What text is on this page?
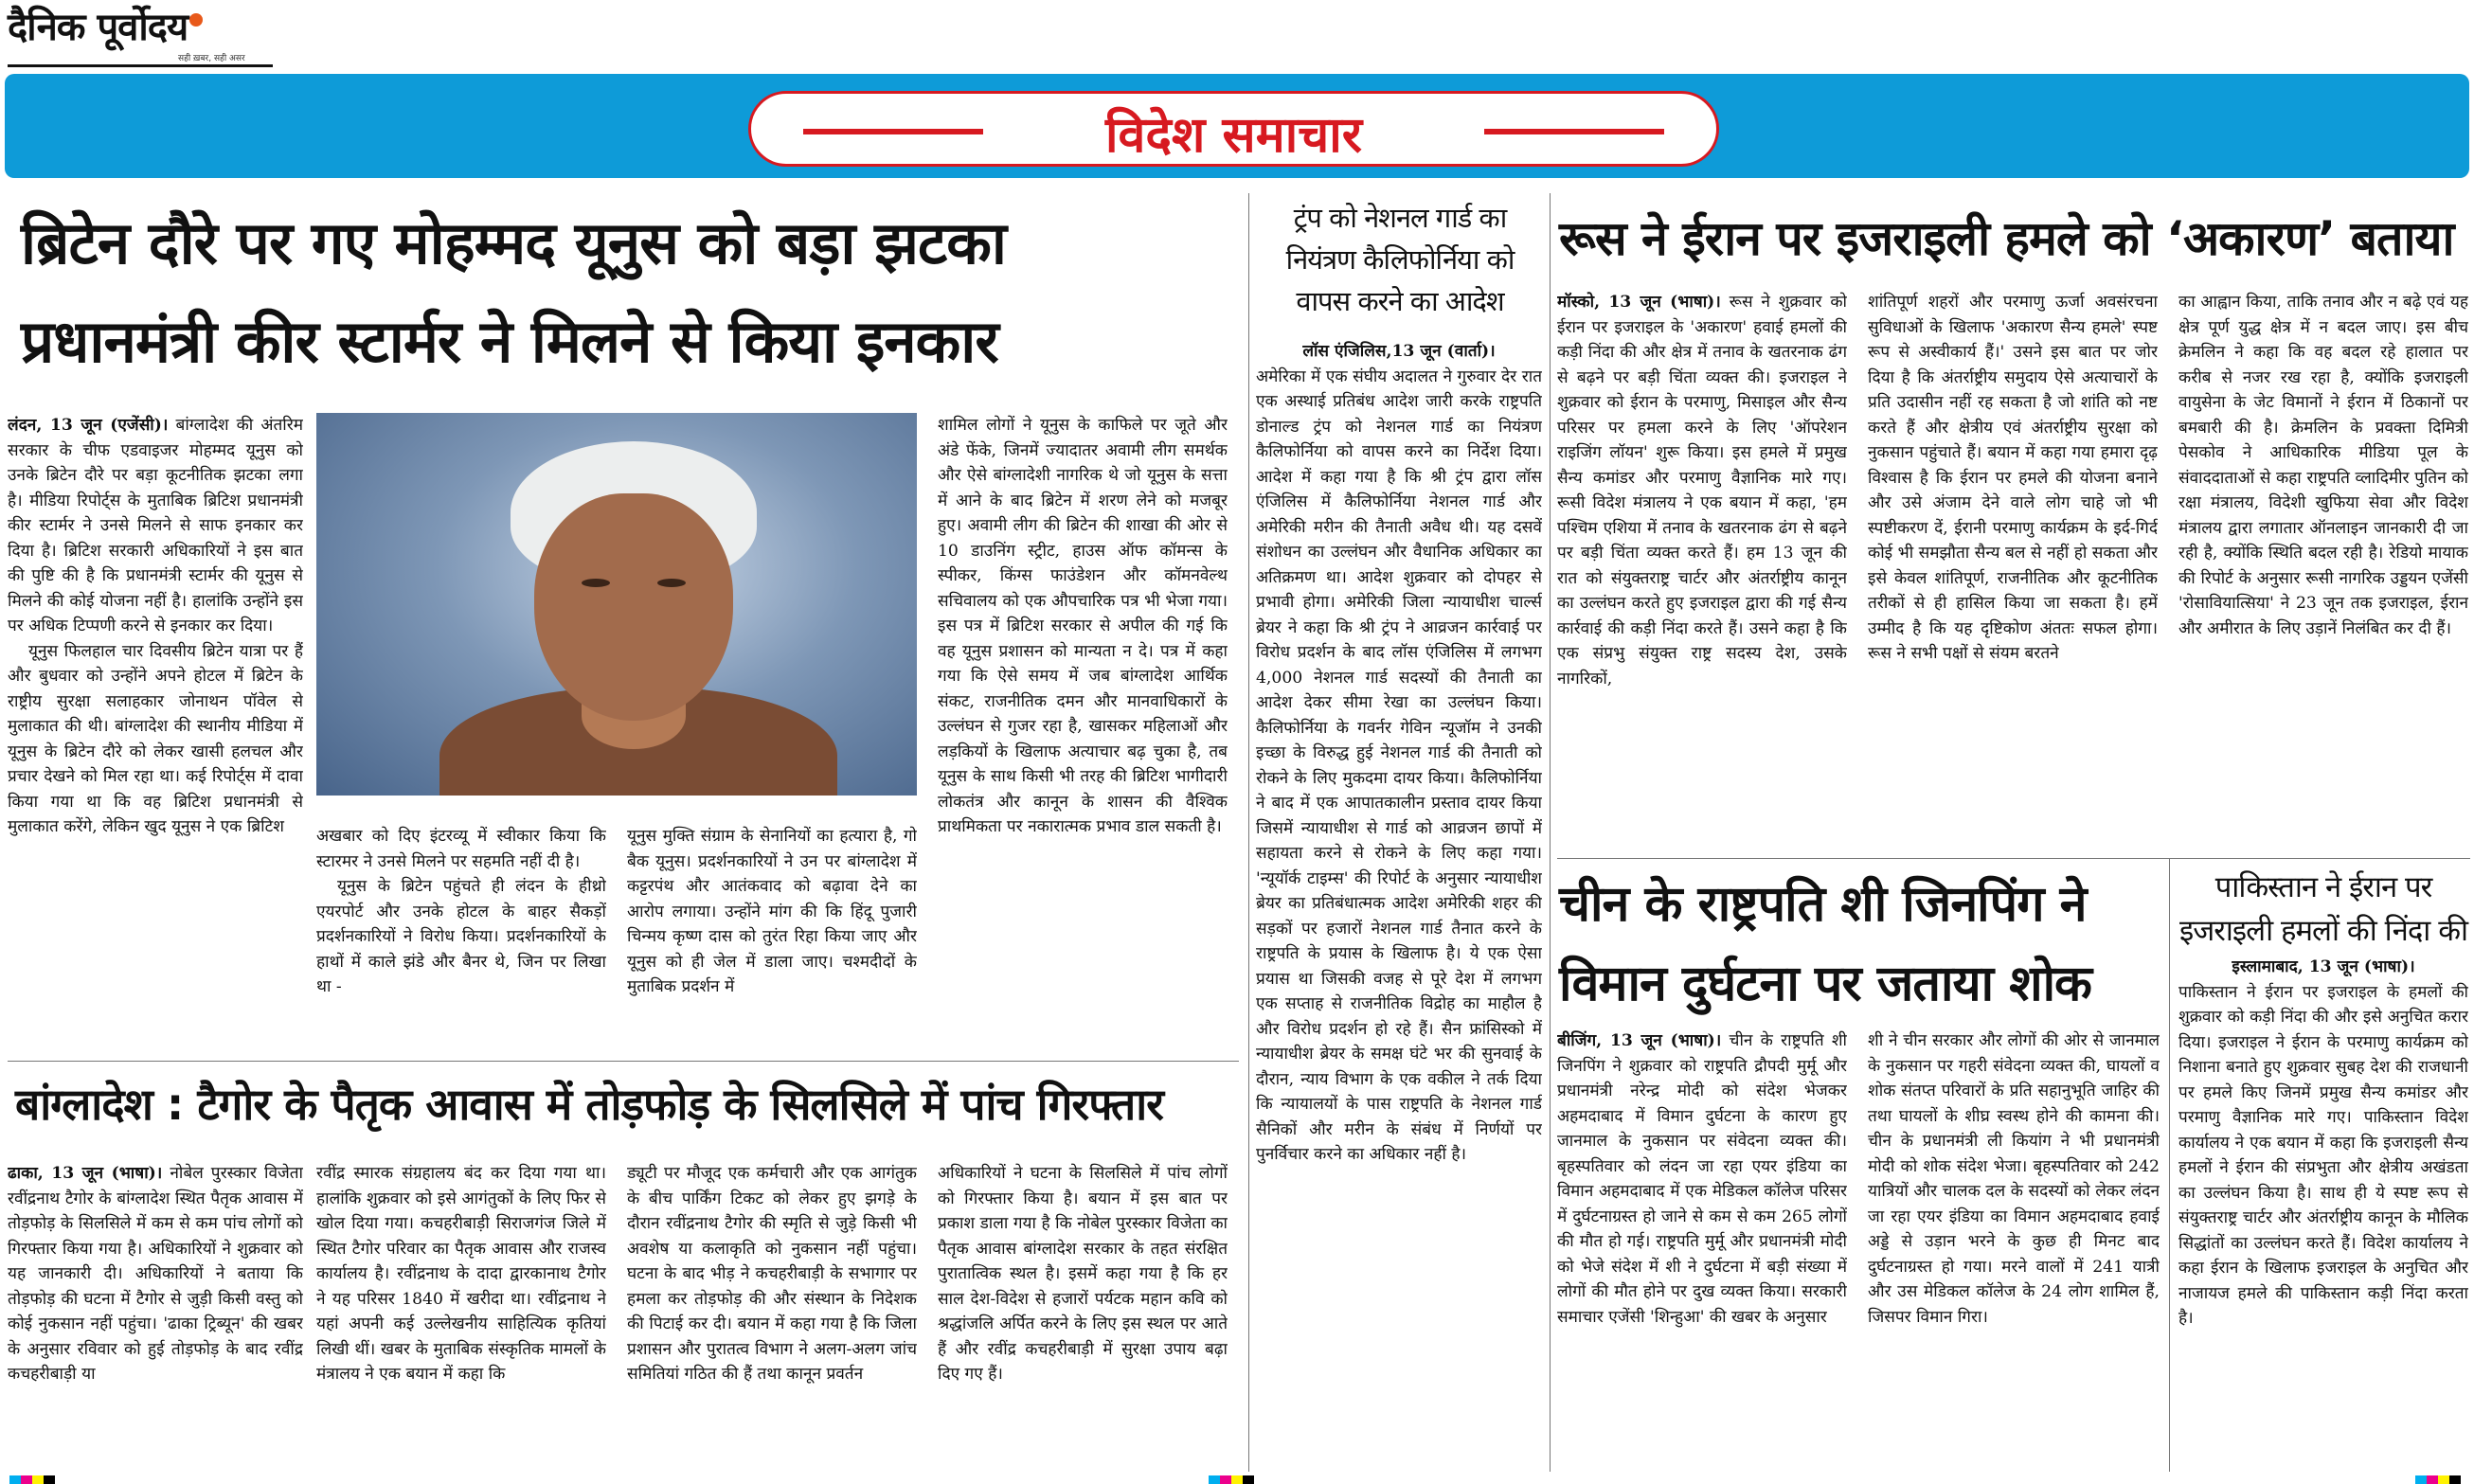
दैनिक पूर्वोदय
सही ख़बर, सही असर
विदेश समाचार
ब्रिटेन दौरे पर गए मोहम्मद यूनुस को बड़ा झटका
प्रधानमंत्री कीर स्टार्मर ने मिलने से किया इनकार

लंदन, 13 जून (एजेंसी)। बांग्लादेश की अंतरिम सरकार के चीफ एडवाइजर मोहम्मद यूनुस को उनके ब्रिटेन दौरे पर बड़ा कूटनीतिक झटका लगा है। मीडिया रिपोर्ट्स के मुताबिक ब्रिटिश प्रधानमंत्री कीर स्टार्मर ने उनसे मिलने से साफ इनकार कर दिया है। ब्रिटिश सरकारी अधिकारियों ने इस बात की पुष्टि की है कि प्रधानमंत्री स्टार्मर की यूनुस से मिलने की कोई योजना नहीं है। हालांकि उन्होंने इस पर अधिक टिप्पणी करने से इनकार कर दिया।

यूनुस फिलहाल चार दिवसीय ब्रिटेन यात्रा पर हैं और बुधवार को उन्होंने अपने होटल में ब्रिटेन के राष्ट्रीय सुरक्षा सलाहकार जोनाथन पॉवेल से मुलाकात की थी। बांग्लादेश की स्थानीय मीडिया में यूनुस के ब्रिटेन दौरे को लेकर खासी हलचल और प्रचार देखने को मिल रहा था। कई रिपोर्ट्स में दावा किया गया था कि वह ब्रिटिश प्रधानमंत्री से मुलाकात करेंगे, लेकिन खुद यूनुस ने एक ब्रिटिश	अखबार को दिए इंटरव्यू में स्वीकार किया कि स्टारमर ने उनसे मिलने पर सहमति नहीं दी है।

यूनुस के ब्रिटेन पहुंचते ही लंदन के हीथ्रो एयरपोर्ट और उनके होटल के बाहर सैकड़ों प्रदर्शनकारियों ने विरोध किया। प्रदर्शनकारियों के हाथों में काले झंडे और बैनर थे, जिन पर लिखा था -

यूनुस मुक्ति संग्राम के सेनानियों का हत्यारा है, गो बैक यूनुस। प्रदर्शनकारियों ने उन पर बांग्लादेश में कट्टरपंथ और आतंकवाद को बढ़ावा देने का आरोप लगाया। उन्होंने मांग की कि हिंदू पुजारी चिन्मय कृष्ण दास को तुरंत रिहा किया जाए और यूनुस को ही जेल में डाला जाए। चश्मदीदों के मुताबिक प्रदर्शन में

शामिल लोगों ने यूनुस के काफिले पर जूते और अंडे फेंके, जिनमें ज्यादातर अवामी लीग समर्थक और ऐसे बांग्लादेशी नागरिक थे जो यूनुस के सत्ता में आने के बाद ब्रिटेन में शरण लेने को मजबूर हुए। अवामी लीग की ब्रिटेन की शाखा की ओर से 10 डाउनिंग स्ट्रीट, हाउस ऑफ कॉमन्स के स्पीकर, किंग्स फाउंडेशन और कॉमनवेल्थ सचिवालय को एक औपचारिक पत्र भी भेजा गया। इस पत्र में ब्रिटिश सरकार से अपील की गई कि वह यूनुस प्रशासन को मान्यता न दे। पत्र में कहा गया कि ऐसे समय में जब बांग्लादेश आर्थिक संकट, राजनीतिक दमन और मानवाधिकारों के उल्लंघन से गुजर रहा है, खासकर महिलाओं और लड़कियों के खिलाफ अत्याचार बढ़ चुका है, तब यूनुस के साथ किसी भी तरह की ब्रिटिश भागीदारी लोकतंत्र और कानून के शासन की वैश्विक प्राथमिकता पर नकारात्मक प्रभाव डाल सकती है।

बांग्लादेश : टैगोर के पैतृक आवास में तोड़फोड़ के सिलसिले में पांच गिरफ्तार

ढाका, 13 जून (भाषा)। नोबेल पुरस्कार विजेता रवींद्रनाथ टैगोर के बांग्लादेश स्थित पैतृक आवास में तोड़फोड़ के सिलसिले में कम से कम पांच लोगों को गिरफ्तार किया गया है। अधिकारियों ने शुक्रवार को यह जानकारी दी। अधिकारियों ने बताया कि तोड़फोड़ की घटना में टैगोर से जुड़ी किसी वस्तु को कोई नुकसान नहीं पहुंचा। 'ढाका ट्रिब्यून' की खबर के अनुसार रविवार को हुई तोड़फोड़ के बाद रवींद्र कचहरीबाड़ी या

रवींद्र स्मारक संग्रहालय बंद कर दिया गया था। हालांकि शुक्रवार को इसे आगंतुकों के लिए फिर से खोल दिया गया। कचहरीबाड़ी सिराजगंज जिले में स्थित टैगोर परिवार का पैतृक आवास और राजस्व कार्यालय है। रवींद्रनाथ के दादा द्वारकानाथ टैगोर ने यह परिसर 1840 में खरीदा था। रवींद्रनाथ ने यहां अपनी कई उल्लेखनीय साहित्यिक कृतियां लिखी थीं। खबर के मुताबिक संस्कृतिक मामलों के मंत्रालय ने एक बयान में कहा कि

ड्यूटी पर मौजूद एक कर्मचारी और एक आगंतुक के बीच पार्किंग टिकट को लेकर हुए झगड़े के दौरान रवींद्रनाथ टैगोर की स्मृति से जुड़े किसी भी अवशेष या कलाकृति को नुकसान नहीं पहुंचा। घटना के बाद भीड़ ने कचहरीबाड़ी के सभागार पर हमला कर तोड़फोड़ की और संस्थान के निदेशक की पिटाई कर दी। बयान में कहा गया है कि जिला प्रशासन और पुरातत्व विभाग ने अलग-अलग जांच समितियां गठित की हैं तथा कानून प्रवर्तन

अधिकारियों ने घटना के सिलसिले में पांच लोगों को गिरफ्तार किया है। बयान में इस बात पर प्रकाश डाला गया है कि नोबेल पुरस्कार विजेता का पैतृक आवास बांग्लादेश सरकार के तहत संरक्षित पुरातात्विक स्थल है। इसमें कहा गया है कि हर साल देश-विदेश से हजारों पर्यटक महान कवि को श्रद्धांजलि अर्पित करने के लिए इस स्थल पर आते हैं और रवींद्र कचहरीबाड़ी में सुरक्षा उपाय बढ़ा दिए गए हैं।

ट्रंप को नेशनल गार्ड का नियंत्रण कैलिफोर्निया को वापस करने का आदेश

लॉस एंजिलिस,13 जून (वार्ता)।

अमेरिका में एक संघीय अदालत ने गुरुवार देर रात एक अस्थाई प्रतिबंध आदेश जारी करके राष्ट्रपति डोनाल्ड ट्रंप को नेशनल गार्ड का नियंत्रण कैलिफोर्निया को वापस करने का निर्देश दिया। आदेश में कहा गया है कि श्री ट्रंप द्वारा लॉस एंजिलिस में कैलिफोर्निया नेशनल गार्ड और अमेरिकी मरीन की तैनाती अवैध थी। यह दसवें संशोधन का उल्लंघन और वैधानिक अधिकार का अतिक्रमण था। आदेश शुक्रवार को दोपहर से प्रभावी होगा। अमेरिकी जिला न्यायाधीश चार्ल्स ब्रेयर ने कहा कि श्री ट्रंप ने आव्रजन कार्रवाई पर विरोध प्रदर्शन के बाद लॉस एंजिलिस में लगभग 4,000 नेशनल गार्ड सदस्यों की तैनाती का आदेश देकर सीमा रेखा का उल्लंघन किया। कैलिफोर्निया के गवर्नर गेविन न्यूजॉम ने उनकी इच्छा के विरुद्ध हुई नेशनल गार्ड की तैनाती को रोकने के लिए मुकदमा दायर किया। कैलिफोर्निया ने बाद में एक आपातकालीन प्रस्ताव दायर किया जिसमें न्यायाधीश से गार्ड को आव्रजन छापों में सहायता करने से रोकने के लिए कहा गया। 'न्यूयॉर्क टाइम्स' की रिपोर्ट के अनुसार न्यायाधीश ब्रेयर का प्रतिबंधात्मक आदेश अमेरिकी शहर की सड़कों पर हजारों नेशनल गार्ड तैनात करने के राष्ट्रपति के प्रयास के खिलाफ है। ये एक ऐसा प्रयास था जिसकी वजह से पूरे देश में लगभग एक सप्ताह से राजनीतिक विद्रोह का माहौल है और विरोध प्रदर्शन हो रहे हैं। सैन फ्रांसिस्को में न्यायाधीश ब्रेयर के समक्ष घंटे भर की सुनवाई के दौरान, न्याय विभाग के एक वकील ने तर्क दिया कि न्यायालयों के पास राष्ट्रपति के नेशनल गार्ड सैनिकों और मरीन के संबंध में निर्णयों पर पुनर्विचार करने का अधिकार नहीं है।

रूस ने ईरान पर इजराइली हमले को ‘अकारण’ बताया

मॉस्को, 13 जून (भाषा)। रूस ने शुक्रवार को ईरान पर इजराइल के 'अकारण' हवाई हमलों की कड़ी निंदा की और क्षेत्र में तनाव के खतरनाक ढंग से बढ़ने पर बड़ी चिंता व्यक्त की। इजराइल ने शुक्रवार को ईरान के परमाणु, मिसाइल और सैन्य परिसर पर हमला करने के लिए 'ऑपरेशन राइजिंग लॉयन' शुरू किया। इस हमले में प्रमुख सैन्य कमांडर और परमाणु वैज्ञानिक मारे गए। रूसी विदेश मंत्रालय ने एक बयान में कहा, 'हम पश्चिम एशिया में तनाव के खतरनाक ढंग से बढ़ने पर बड़ी चिंता व्यक्त करते हैं। हम 13 जून की रात को संयुक्तराष्ट्र चार्टर और अंतर्राष्ट्रीय कानून का उल्लंघन करते हुए इजराइल द्वारा की गई सैन्य कार्रवाई की कड़ी निंदा करते हैं। उसने कहा है कि एक संप्रभु संयुक्त राष्ट्र सदस्य देश, उसके नागरिकों,

शांतिपूर्ण शहरों और परमाणु ऊर्जा अवसंरचना सुविधाओं के खिलाफ 'अकारण सैन्य हमले' स्पष्ट रूप से अस्वीकार्य हैं।' उसने इस बात पर जोर दिया है कि अंतर्राष्ट्रीय समुदाय ऐसे अत्याचारों के प्रति उदासीन नहीं रह सकता है जो शांति को नष्ट करते हैं और क्षेत्रीय एवं अंतर्राष्ट्रीय सुरक्षा को नुकसान पहुंचाते हैं। बयान में कहा गया हमारा दृढ़ विश्वास है कि ईरान पर हमले की योजना बनाने और उसे अंजाम देने वाले लोग चाहे जो भी स्पष्टीकरण दें, ईरानी परमाणु कार्यक्रम के इर्द-गिर्द कोई भी समझौता सैन्य बल से नहीं हो सकता और इसे केवल शांतिपूर्ण, राजनीतिक और कूटनीतिक तरीकों से ही हासिल किया जा सकता है। हमें उम्मीद है कि यह दृष्टिकोण अंततः सफल होगा। रूस ने सभी पक्षों से संयम बरतने

का आह्वान किया, ताकि तनाव और न बढ़े एवं यह क्षेत्र पूर्ण युद्ध क्षेत्र में न बदल जाए। इस बीच क्रेमलिन ने कहा कि वह बदल रहे हालात पर करीब से नजर रख रहा है, क्योंकि इजराइली वायुसेना के जेट विमानों ने ईरान में ठिकानों पर बमबारी की है। क्रेमलिन के प्रवक्ता दिमित्री पेसकोव ने आधिकारिक मीडिया पूल के संवाददाताओं से कहा राष्ट्रपति व्लादिमीर पुतिन को रक्षा मंत्रालय, विदेशी खुफिया सेवा और विदेश मंत्रालय द्वारा लगातार ऑनलाइन जानकारी दी जा रही है, क्योंकि स्थिति बदल रही है। रेडियो मायाक की रिपोर्ट के अनुसार रूसी नागरिक उड्डयन एजेंसी 'रोसावियात्सिया' ने 23 जून तक इजराइल, ईरान और अमीरात के लिए उड़ानें निलंबित कर दी हैं।

चीन के राष्ट्रपति शी जिनपिंग ने
विमान दुर्घटना पर जताया शोक

बीजिंग, 13 जून (भाषा)। चीन के राष्ट्रपति शी जिनपिंग ने शुक्रवार को राष्ट्रपति द्रौपदी मुर्मू और प्रधानमंत्री नरेन्द्र मोदी को संदेश भेजकर अहमदाबाद में विमान दुर्घटना के कारण हुए जानमाल के नुकसान पर संवेदना व्यक्त की। बृहस्पतिवार को लंदन जा रहा एयर इंडिया का विमान अहमदाबाद में एक मेडिकल कॉलेज परिसर में दुर्घटनाग्रस्त हो जाने से कम से कम 265 लोगों की मौत हो गई। राष्ट्रपति मुर्मू और प्रधानमंत्री मोदी को भेजे संदेश में शी ने दुर्घटना में बड़ी संख्या में लोगों की मौत होने पर दुख व्यक्त किया। सरकारी समाचार एजेंसी 'शिन्हुआ' की खबर के अनुसार

शी ने चीन सरकार और लोगों की ओर से जानमाल के नुकसान पर गहरी संवेदना व्यक्त की, घायलों व शोक संतप्त परिवारों के प्रति सहानुभूति जाहिर की तथा घायलों के शीघ्र स्वस्थ होने की कामना की। चीन के प्रधानमंत्री ली कियांग ने भी प्रधानमंत्री मोदी को शोक संदेश भेजा। बृहस्पतिवार को 242 यात्रियों और चालक दल के सदस्यों को लेकर लंदन जा रहा एयर इंडिया का विमान अहमदाबाद हवाई अड्डे से उड़ान भरने के कुछ ही मिनट बाद दुर्घटनाग्रस्त हो गया। मरने वालों में 241 यात्री और उस मेडिकल कॉलेज के 24 लोग शामिल हैं, जिसपर विमान गिरा।

पाकिस्तान ने ईरान पर इजराइली हमलों की निंदा की

इस्लामाबाद, 13 जून (भाषा)।

पाकिस्तान ने ईरान पर इजराइल के हमलों की शुक्रवार को कड़ी निंदा की और इसे अनुचित करार दिया। इजराइल ने ईरान के परमाणु कार्यक्रम को निशाना बनाते हुए शुक्रवार सुबह देश की राजधानी पर हमले किए जिनमें प्रमुख सैन्य कमांडर और परमाणु वैज्ञानिक मारे गए। पाकिस्तान विदेश कार्यालय ने एक बयान में कहा कि इजराइली सैन्य हमलों ने ईरान की संप्रभुता और क्षेत्रीय अखंडता का उल्लंघन किया है। साथ ही ये स्पष्ट रूप से संयुक्तराष्ट्र चार्टर और अंतर्राष्ट्रीय कानून के मौलिक सिद्धांतों का उल्लंघन करते हैं। विदेश कार्यालय ने कहा ईरान के खिलाफ इजराइल के अनुचित और नाजायज हमले की पाकिस्तान कड़ी निंदा करता है।
